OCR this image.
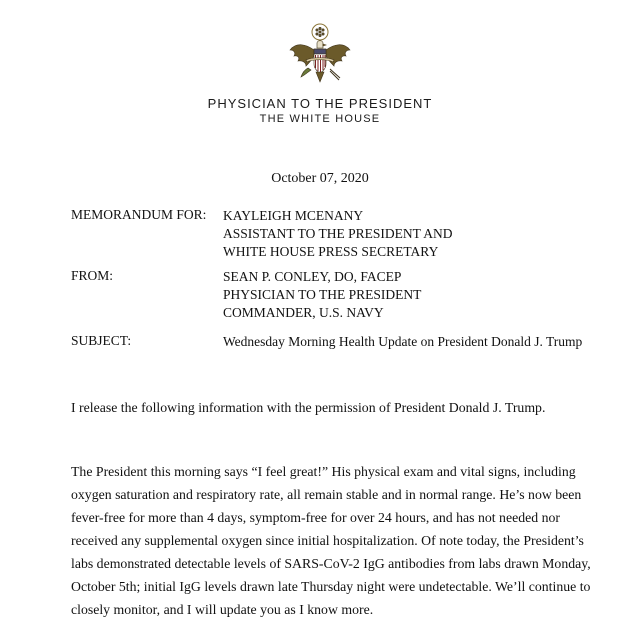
PHYSICIAN TO THE PRESIDENT
THE WHITE HOUSE
October 07, 2020
MEMORANDUM FOR: KAYLEIGH MCENANY
ASSISTANT TO THE PRESIDENT AND
WHITE HOUSE PRESS SECRETARY
FROM:	SEAN P. CONLEY, DO, FACEP
PHYSICIAN TO THE PRESIDENT
COMMANDER, U.S. NAVY
SUBJECT:	Wednesday Morning Health Update on President Donald J. Trump
I release the following information with the permission of President Donald J. Trump.
The President this morning says “I feel great!” His physical exam and vital signs, including
oxygen saturation and respiratory rate, all remain stable and in normal range. He’s now been
fever-free for more than 4 days, symptom-free for over 24 hours, and has not needed nor
received any supplemental oxygen since initial hospitalization. Of note today, the President’s
labs demonstrated detectable levels of SARS-CoV-2 IgG antibodies from labs drawn Monday,
October 5th; initial IgG levels drawn late Thursday night were undetectable. We’ll continue to
closely monitor, and I will update you as I know more.
